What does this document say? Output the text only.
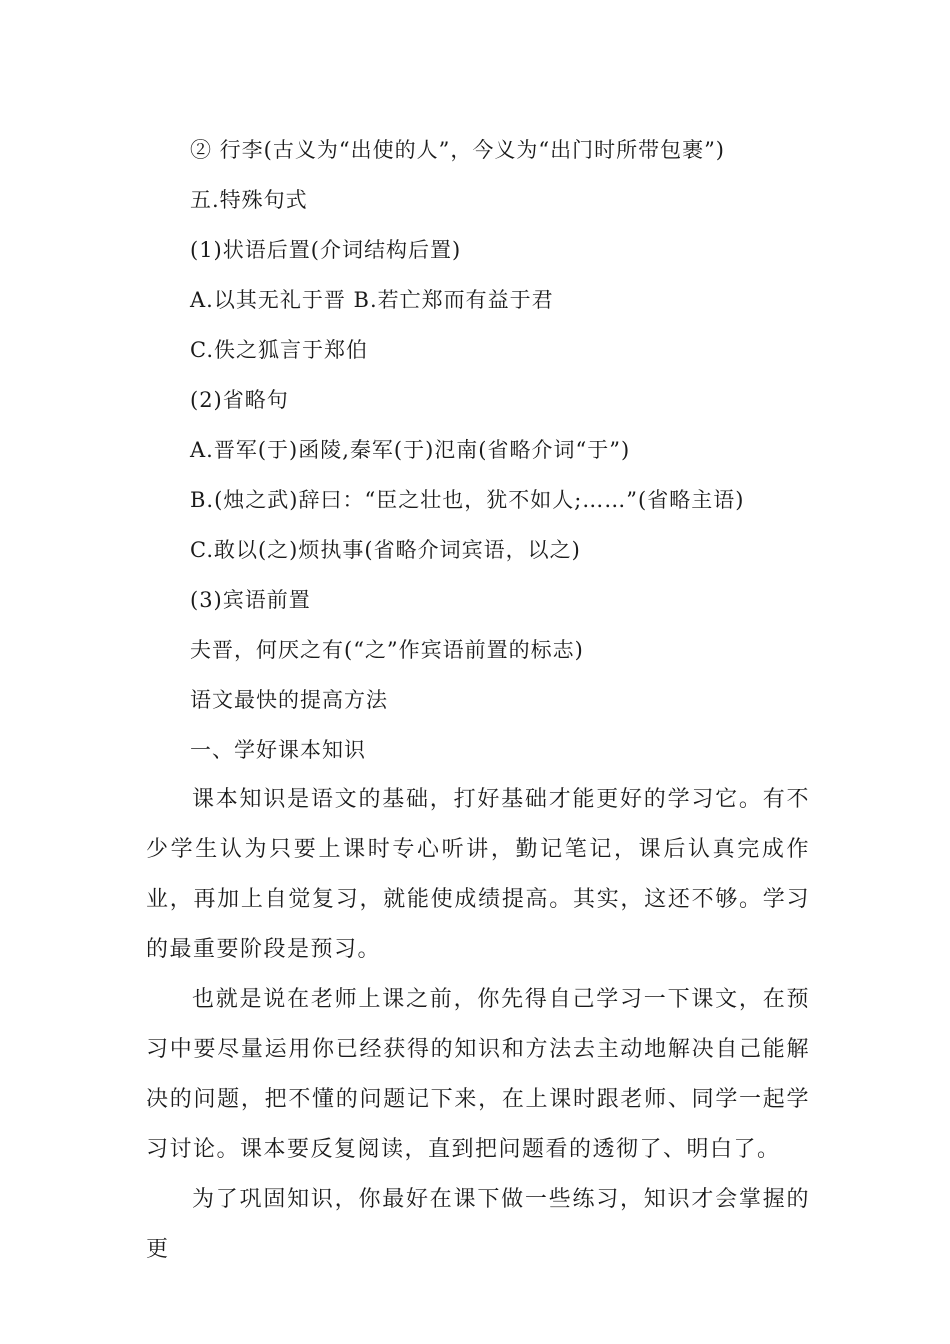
② 行李(古义为“出使的人”，今义为“出门时所带包裹”)
五.特殊句式
(1)状语后置(介词结构后置)
A.以其无礼于晋 B.若亡郑而有益于君
C.佚之狐言于郑伯
(2)省略句
A.晋军(于)函陵,秦军(于)氾南(省略介词“于”)
B.(烛之武)辞曰：“臣之壮也，犹不如人;……”(省略主语)
C.敢以(之)烦执事(省略介词宾语，以之)
(3)宾语前置
夫晋，何厌之有(“之”作宾语前置的标志)
语文最快的提高方法
一、学好课本知识
课本知识是语文的基础，打好基础才能更好的学习它。有不少学生认为只要上课时专心听讲，勤记笔记，课后认真完成作业，再加上自觉复习，就能使成绩提高。其实，这还不够。学习的最重要阶段是预习。
也就是说在老师上课之前，你先得自己学习一下课文，在预习中要尽量运用你已经获得的知识和方法去主动地解决自己能解决的问题，把不懂的问题记下来，在上课时跟老师、同学一起学习讨论。课本要反复阅读，直到把问题看的透彻了、明白了。
为了巩固知识，你最好在课下做一些练习，知识才会掌握的更
